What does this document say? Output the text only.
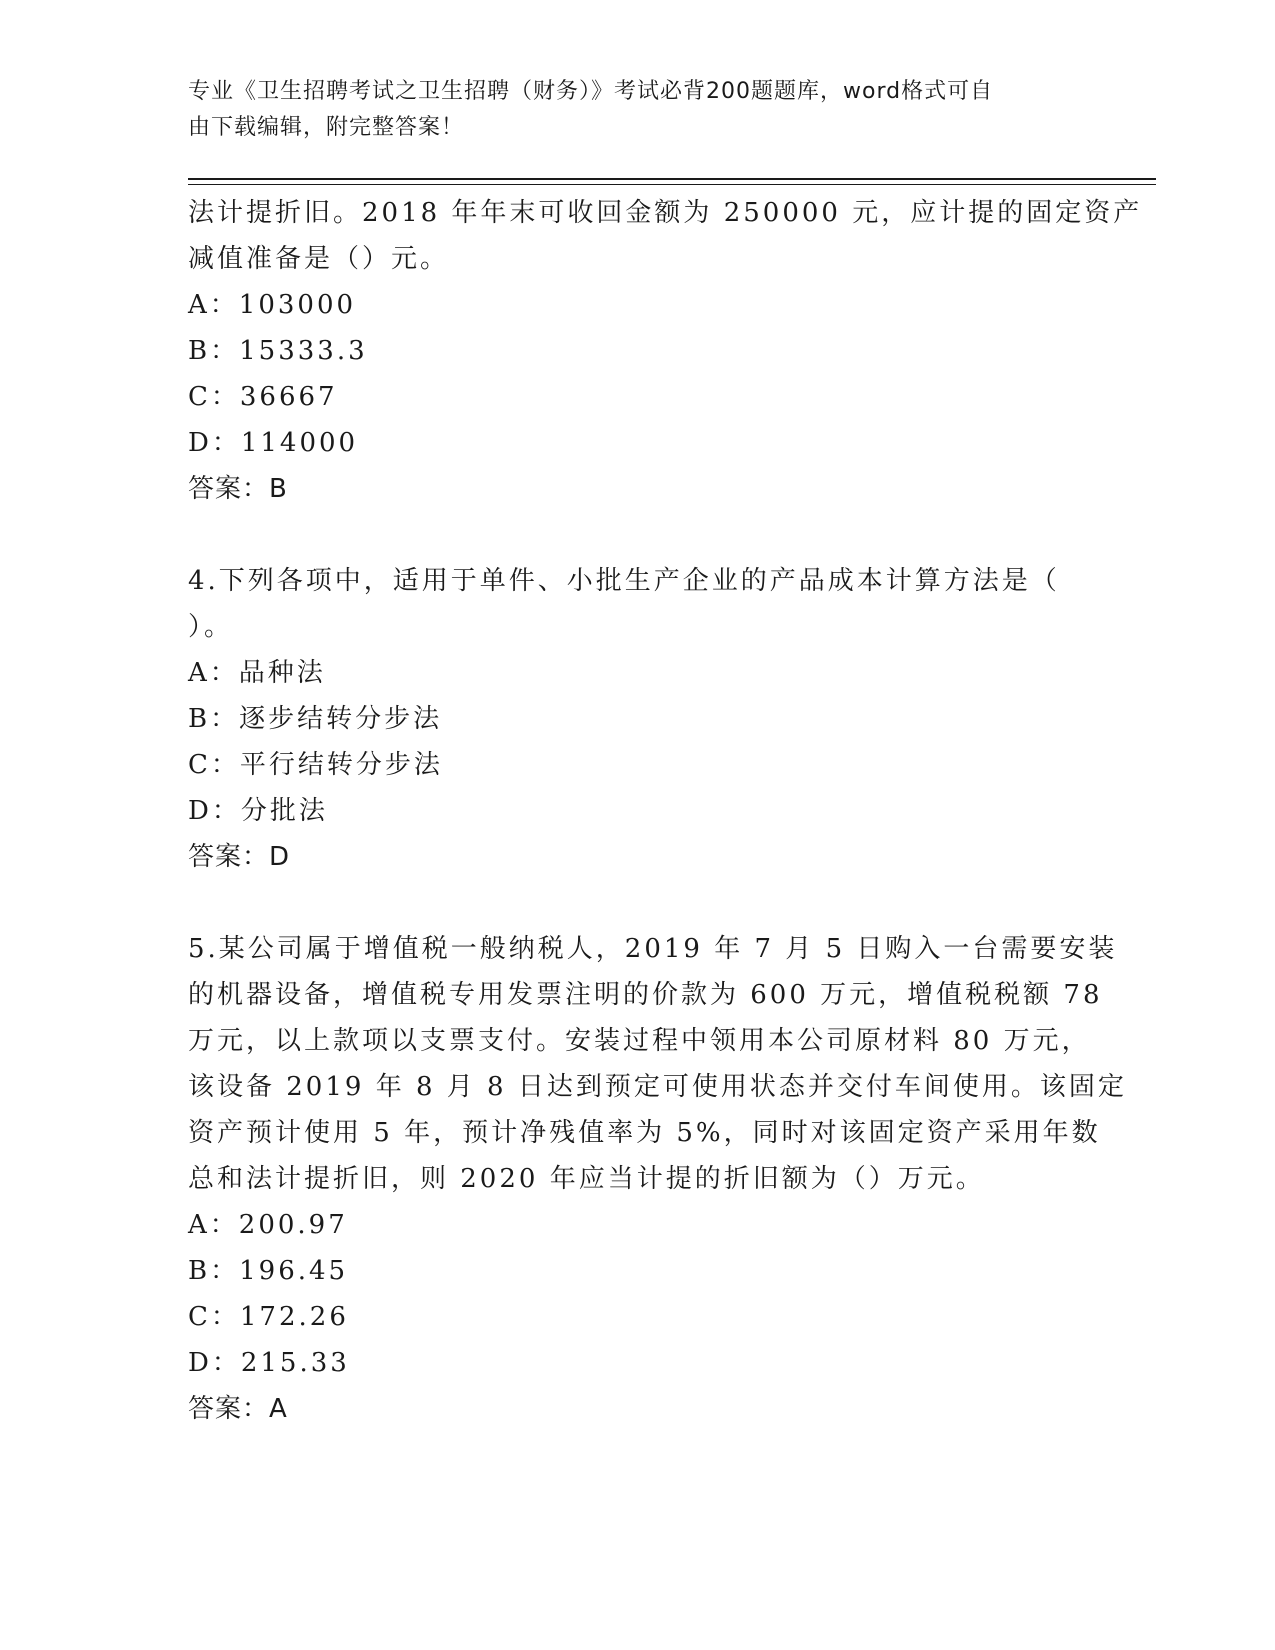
专业《卫生招聘考试之卫生招聘（财务）》考试必背200题题库，word格式可自
由下载编辑，附完整答案！
法计提折旧。2018 年年末可收回金额为 250000 元，应计提的固定资产
减值准备是（）元。
A：103000
B：15333.3
C：36667
D：114000
答案：B
4.下列各项中，适用于单件、小批生产企业的产品成本计算方法是（
）。
A：品种法
B：逐步结转分步法
C：平行结转分步法
D：分批法
答案：D
5.某公司属于增值税一般纳税人，2019 年 7 月 5 日购入一台需要安装
的机器设备，增值税专用发票注明的价款为 600 万元，增值税税额 78
万元，以上款项以支票支付。安装过程中领用本公司原材料 80 万元，
该设备 2019 年 8 月 8 日达到预定可使用状态并交付车间使用。该固定
资产预计使用 5 年，预计净残值率为 5%，同时对该固定资产采用年数
总和法计提折旧，则 2020 年应当计提的折旧额为（）万元。
A：200.97
B：196.45
C：172.26
D：215.33
答案：A
